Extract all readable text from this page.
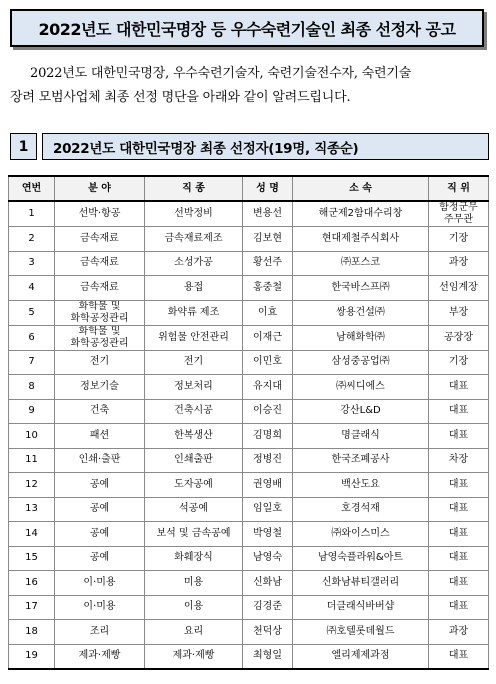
2022년도 대한민국명장 등 우수숙련기술인 최종 선정자 공고
2022년도 대한민국명장, 우수숙련기술자, 숙련기술전수자, 숙련기술
장려 모범사업체 최종 선정 명단을 아래와 같이 알려드립니다.
1	2022년도 대한민국명장 최종 선정자(19명, 직종순)
연번	분 야	직 종	성 명	소 속	직 위
1	선박·항공	선박정비	변용선	해군제2함대수리창	함정군무
주무관
2	금속재료	금속재료제조	김보현	현대제철주식회사	기장
3	금속재료	소성가공	황선주	㈜포스코	과장
4	금속재료	용접	홍중철	한국바스프㈜	선임계장
5	화학물 및
화학공정관리	화약류 제조	이효	쌍용건설㈜	부장
6	화학물 및
화학공정관리	위험물 안전관리	이재근	남해화학㈜	공장장
7	전기	전기	이민호	삼성중공업㈜	기장
8	정보기술	정보처리	유지대	㈜씨디에스	대표
9	건축	건축시공	이승진	강산L&D	대표
10	패션	한복생산	김명희	명클래식	대표
11	인쇄·출판	인쇄출판	정병진	한국조폐공사	차장
12	공예	도자공예	권영배	백산도요	대표
13	공예	석공예	임일호	호경석재	대표
14	공예	보석 및 금속공예	박영철	㈜와이스미스	대표
15	공예	화훼장식	남영숙	남영숙플라워&아트	대표
16	이·미용	미용	신화남	신화남뷰티갤러리	대표
17	이·미용	이용	김경준	더클래식바버샵	대표
18	조리	요리	천덕상	㈜호텔롯데월드	과장
19	제과·제빵	제과·제빵	최형일	엘리제제과점	대표
